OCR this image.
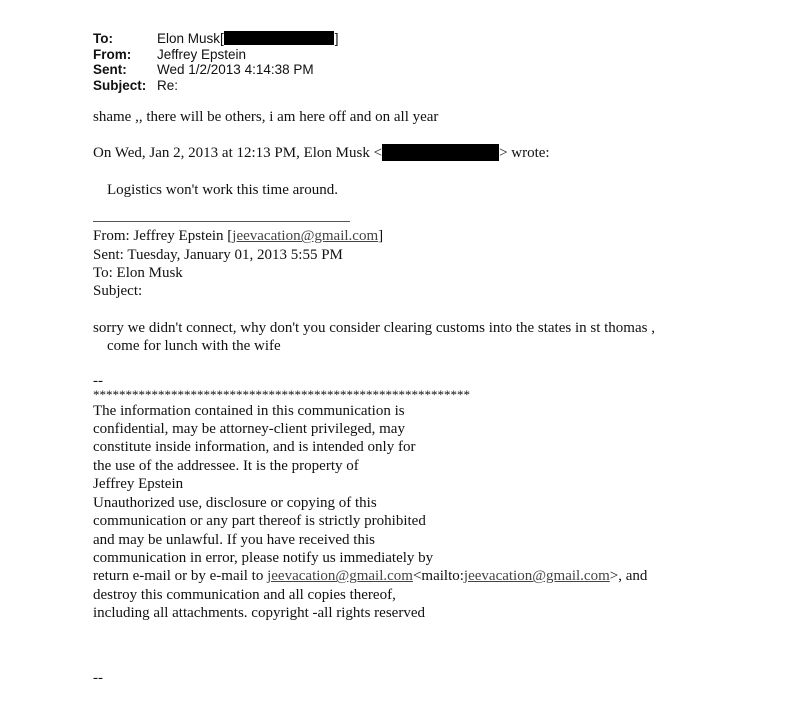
To:	Elon Musk[	]
From:	Jeffrey Epstein
Sent:	Wed 1/2/2013 4:14:38 PM
Subject: Re:
shame ,, there will be others, i am here off and on all year
On Wed, Jan 2, 2013 at 12:13 PM, Elon Musk <	> wrote:
Logistics won't work this time around.
From: Jeffrey Epstein [jeevacation@gmail.com]
Sent: Tuesday, January 01, 2013 5:55 PM
To: Elon Musk
Subject:
sorry we didn't connect, why don't you consider clearing customs into the states in st thomas ,
come for lunch with the wife
--
**********************************************************
The information contained in this communication is
confidential, may be attorney-client privileged, may
constitute inside information, and is intended only for
the use of the addressee. It is the property of
Jeffrey Epstein
Unauthorized use, disclosure or copying of this
communication or any part thereof is strictly prohibited
and may be unlawful. If you have received this
communication in error, please notify us immediately by
return e-mail or by e-mail to jeevacation@gmail.com<mailto:jeevacation@gmail.com>, and
destroy this communication and all copies thereof,
including all attachments. copyright -all rights reserved
--
